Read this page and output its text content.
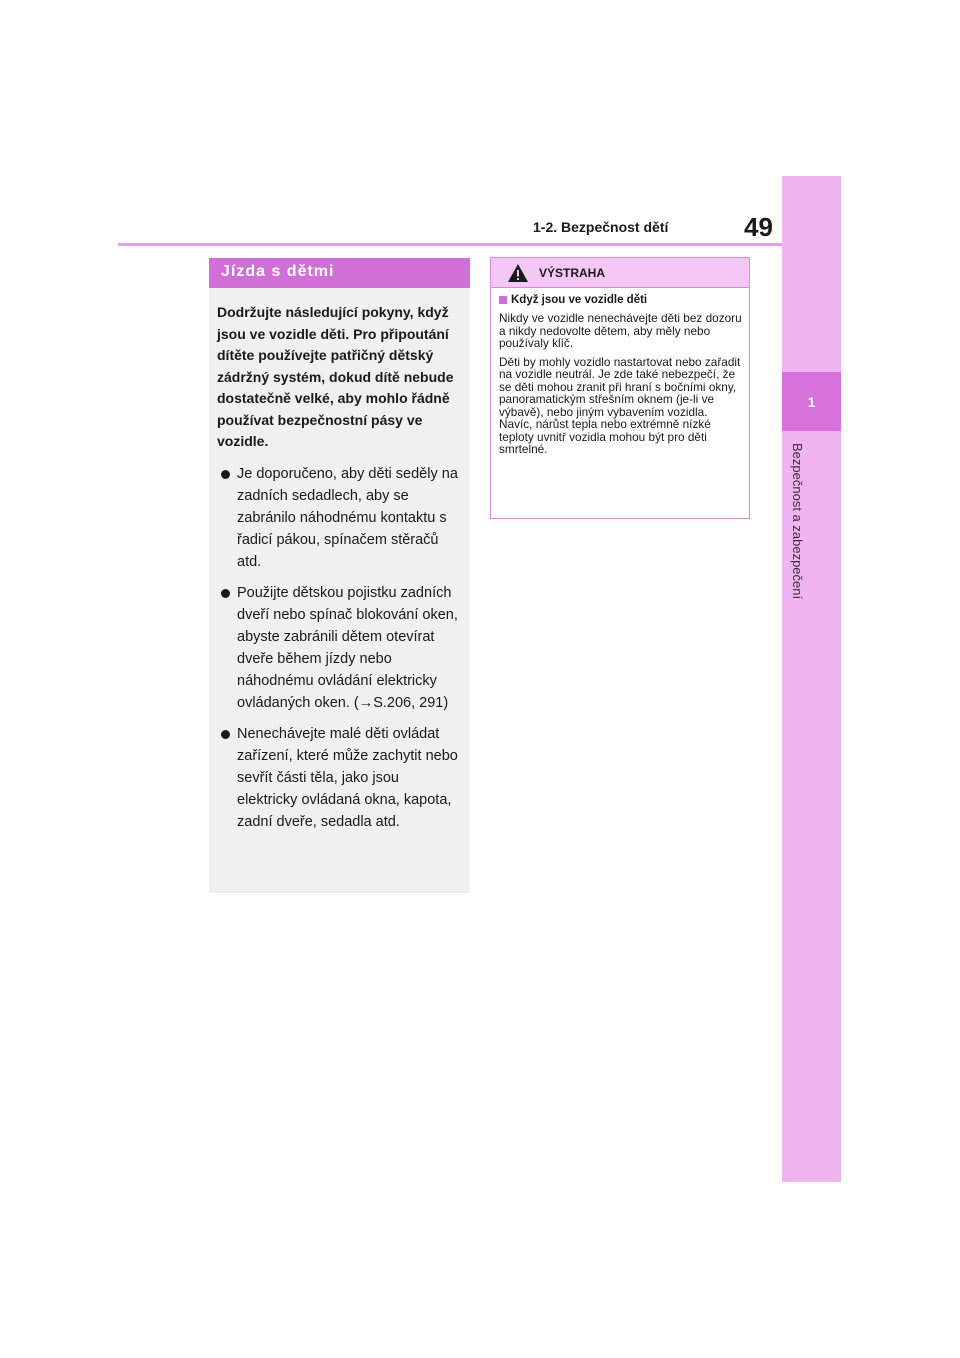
49
1-2. Bezpečnost dětí
1
Bezpečnost a zabezpečení
Jízda s dětmi

Dodržujte následující pokyny, když jsou ve vozidle děti. Pro připoutání dítěte používejte patřičný dětský zádržný systém, dokud dítě nebude dostatečně velké, aby mohlo řádně používat bezpečnostní pásy ve vozidle.

Je doporučeno, aby děti seděly na zadních sedadlech, aby se zabránilo náhodnému kontaktu s řadicí pákou, spínačem stěračů atd.
Použijte dětskou pojistku zadních dveří nebo spínač blokování oken, abyste zabránili dětem otevírat dveře během jízdy nebo náhodnému ovládání elektricky ovládaných oken. (→S.206, 291)
Nenechávejte malé děti ovládat zařízení, které může zachytit nebo sevřít části těla, jako jsou elektricky ovládaná okna, kapota, zadní dveře, sedadla atd.
VÝSTRAHA
Když jsou ve vozidle děti

Nikdy ve vozidle nenechávejte děti bez dozoru a nikdy nedovolte dětem, aby měly nebo používaly klíč.

Děti by mohly vozidlo nastartovat nebo zařadit na vozidle neutrál. Je zde také nebezpečí, že se děti mohou zranit při hraní s bočními okny, panoramatickým střešním oknem (je-li ve výbavě), nebo jiným vybavením vozidla. Navíc, nárůst tepla nebo extrémně nízké teploty uvnitř vozidla mohou být pro děti smrtelné.
